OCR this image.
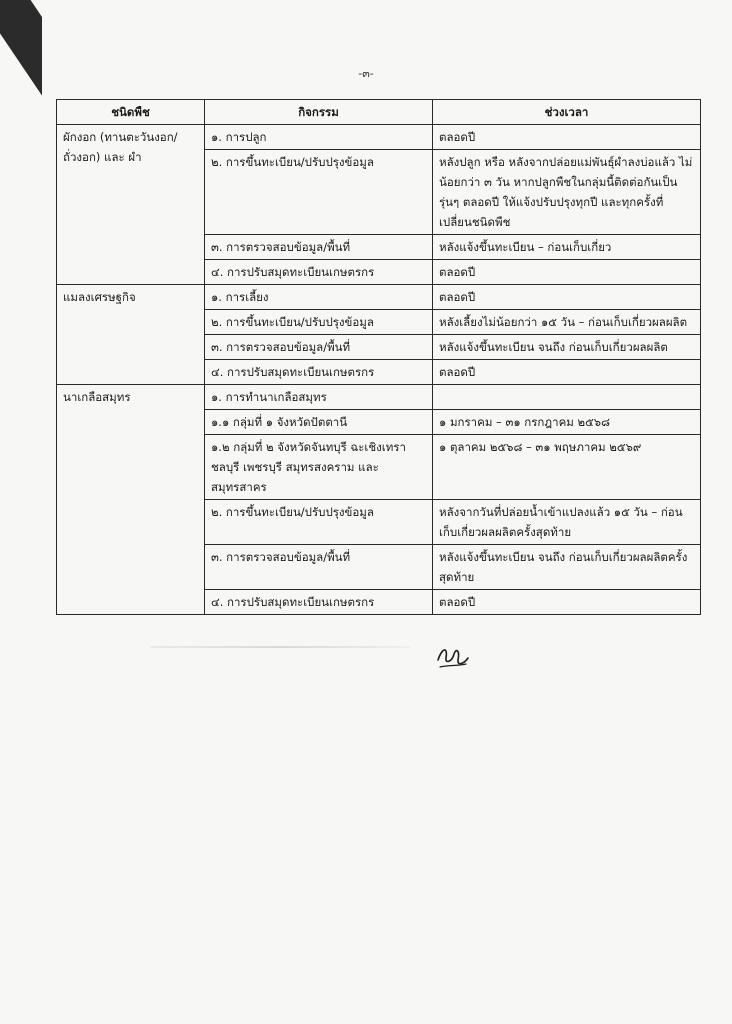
-๓-
ชนิดพืช	กิจกรรม	ช่วงเวลา
ผักงอก (ทานตะวันงอก/ถั่วงอก) และ ผำ	๑. การปลูก	ตลอดปี
	๒. การขึ้นทะเบียน/ปรับปรุงข้อมูล	หลังปลูก หรือ หลังจากปล่อยแม่พันธุ์ผำลงบ่อแล้ว ไม่น้อยกว่า ๓ วัน หากปลูกพืชในกลุ่มนี้ติดต่อกันเป็นรุ่นๆ ตลอดปี ให้แจ้งปรับปรุงทุกปี และทุกครั้งที่เปลี่ยนชนิดพืช
	๓. การตรวจสอบข้อมูล/พื้นที่	หลังแจ้งขึ้นทะเบียน – ก่อนเก็บเกี่ยว
	๔. การปรับสมุดทะเบียนเกษตรกร	ตลอดปี
แมลงเศรษฐกิจ	๑. การเลี้ยง	ตลอดปี
	๒. การขึ้นทะเบียน/ปรับปรุงข้อมูล	หลังเลี้ยงไม่น้อยกว่า ๑๕ วัน – ก่อนเก็บเกี่ยวผลผลิต
	๓. การตรวจสอบข้อมูล/พื้นที่	หลังแจ้งขึ้นทะเบียน จนถึง ก่อนเก็บเกี่ยวผลผลิต
	๔. การปรับสมุดทะเบียนเกษตรกร	ตลอดปี
นาเกลือสมุทร	๑. การทำนาเกลือสมุทร	
	๑.๑ กลุ่มที่ ๑ จังหวัดปัตตานี	๑ มกราคม – ๓๑ กรกฎาคม ๒๕๖๘
	๑.๒ กลุ่มที่ ๒ จังหวัดจันทบุรี ฉะเชิงเทรา ชลบุรี เพชรบุรี สมุทรสงคราม และสมุทรสาคร	๑ ตุลาคม ๒๕๖๘ – ๓๑ พฤษภาคม ๒๕๖๙
	๒. การขึ้นทะเบียน/ปรับปรุงข้อมูล	หลังจากวันที่ปล่อยน้ำเข้าแปลงแล้ว ๑๕ วัน – ก่อนเก็บเกี่ยวผลผลิตครั้งสุดท้าย
	๓. การตรวจสอบข้อมูล/พื้นที่	หลังแจ้งขึ้นทะเบียน จนถึง ก่อนเก็บเกี่ยวผลผลิตครั้งสุดท้าย
	๔. การปรับสมุดทะเบียนเกษตรกร	ตลอดปี
